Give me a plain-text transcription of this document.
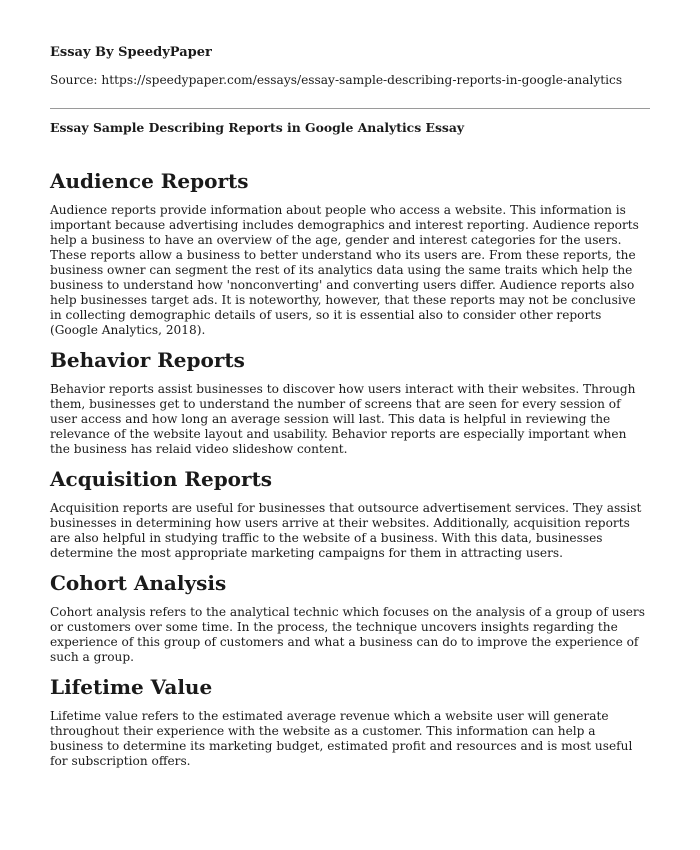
Essay By SpeedyPaper
Source: https://speedypaper.com/essays/essay-sample-describing-reports-in-google-analytics
Essay Sample Describing Reports in Google Analytics Essay
Audience Reports

Audience reports provide information about people who access a website. This information is important because advertising includes demographics and interest reporting. Audience reports help a business to have an overview of the age, gender and interest categories for the users. These reports allow a business to better understand who its users are. From these reports, the business owner can segment the rest of its analytics data using the same traits which help the business to understand how 'nonconverting' and converting users differ. Audience reports also help businesses target ads. It is noteworthy, however, that these reports may not be conclusive in collecting demographic details of users, so it is essential also to consider other reports (Google Analytics, 2018).

Behavior Reports

Behavior reports assist businesses to discover how users interact with their websites. Through them, businesses get to understand the number of screens that are seen for every session of user access and how long an average session will last. This data is helpful in reviewing the relevance of the website layout and usability. Behavior reports are especially important when the business has relaid video slideshow content.

Acquisition Reports

Acquisition reports are useful for businesses that outsource advertisement services. They assist businesses in determining how users arrive at their websites. Additionally, acquisition reports are also helpful in studying traffic to the website of a business. With this data, businesses determine the most appropriate marketing campaigns for them in attracting users.

Cohort Analysis

Cohort analysis refers to the analytical technic which focuses on the analysis of a group of users or customers over some time. In the process, the technique uncovers insights regarding the experience of this group of customers and what a business can do to improve the experience of such a group.

Lifetime Value

Lifetime value refers to the estimated average revenue which a website user will generate throughout their experience with the website as a customer. This information can help a business to determine its marketing budget, estimated profit and resources and is most useful for subscription offers.
